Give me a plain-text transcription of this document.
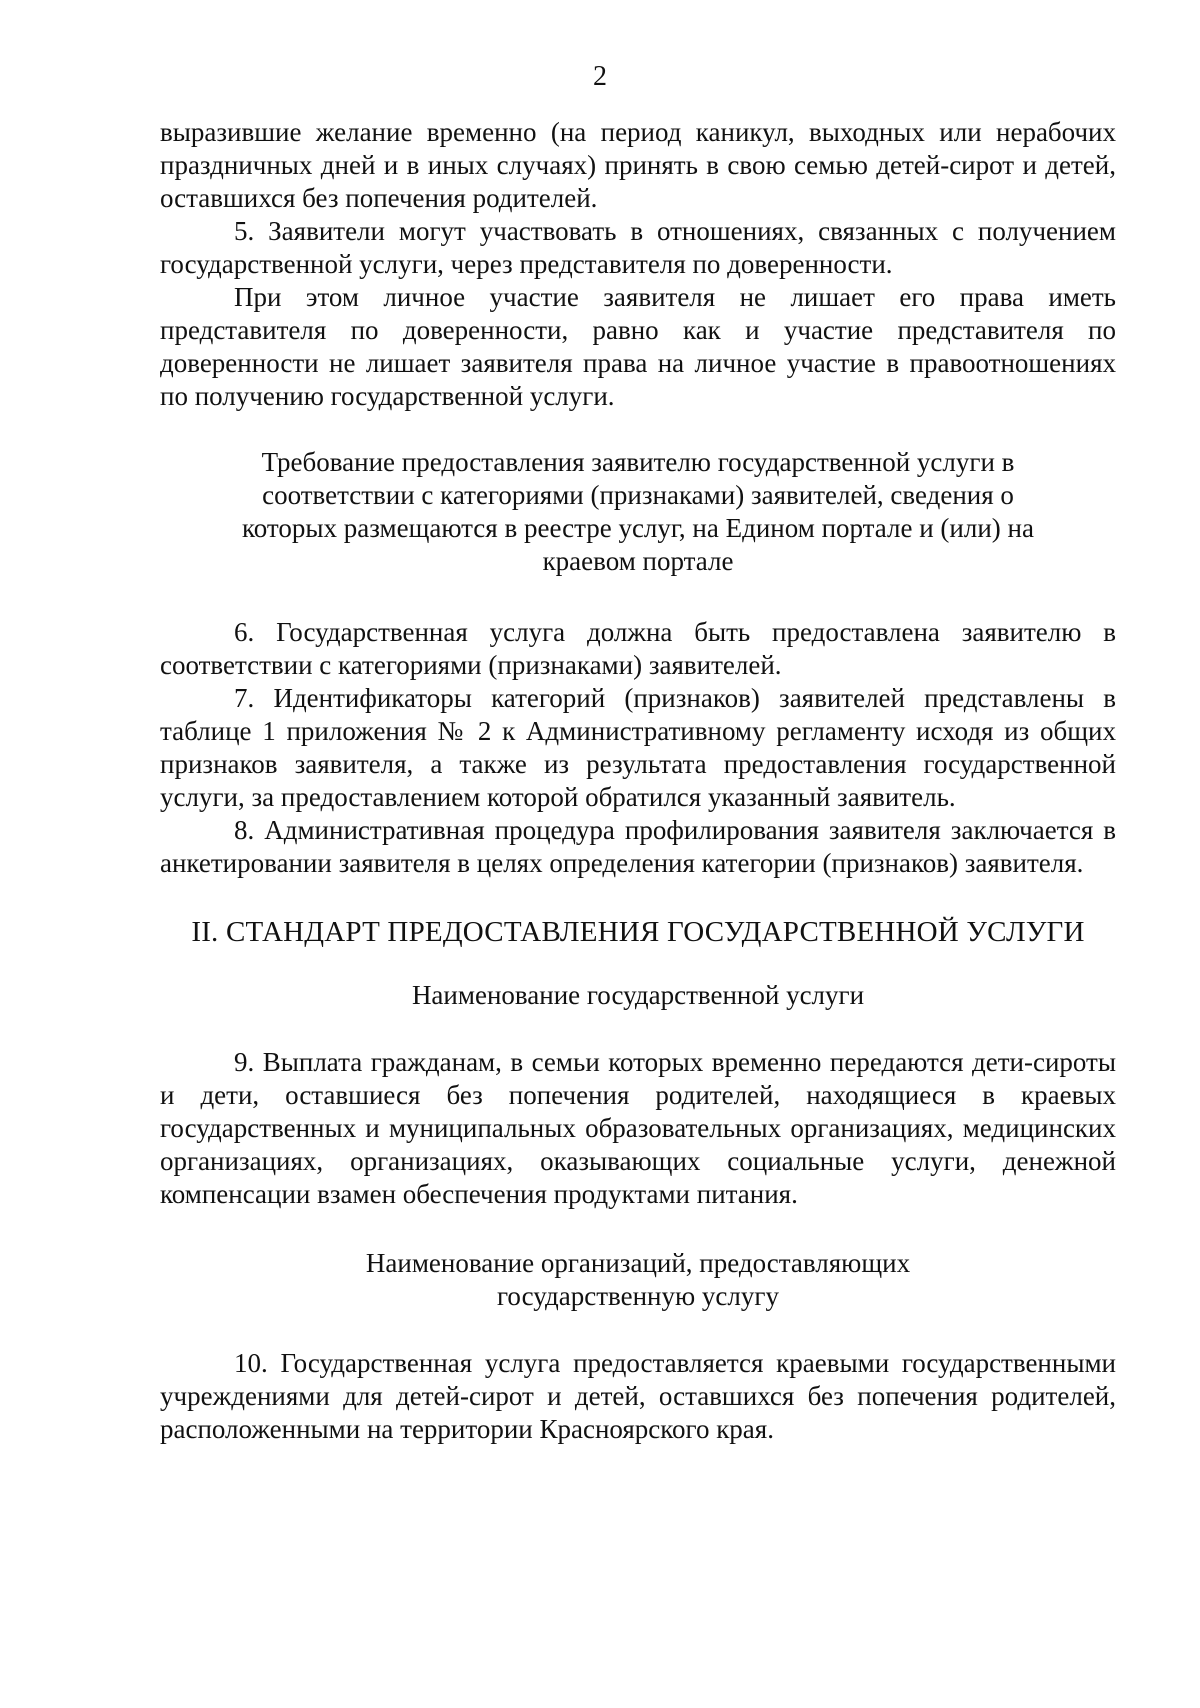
2

выразившие желание временно (на период каникул, выходных или нерабочих праздничных дней и в иных случаях) принять в свою семью детей-сирот и детей, оставшихся без попечения родителей.

5. Заявители могут участвовать в отношениях, связанных с получением государственной услуги, через представителя по доверенности.

При этом личное участие заявителя не лишает его права иметь представителя по доверенности, равно как и участие представителя по доверенности не лишает заявителя права на личное участие в правоотношениях по получению государственной услуги.

Требование предоставления заявителю государственной услуги в соответствии с категориями (признаками) заявителей, сведения о которых размещаются в реестре услуг, на Едином портале и (или) на краевом портале

6. Государственная услуга должна быть предоставлена заявителю в соответствии с категориями (признаками) заявителей.

7. Идентификаторы категорий (признаков) заявителей представлены в таблице 1 приложения № 2 к Административному регламенту исходя из общих признаков заявителя, а также из результата предоставления государственной услуги, за предоставлением которой обратился указанный заявитель.

8. Административная процедура профилирования заявителя заключается в анкетировании заявителя в целях определения категории (признаков) заявителя.

II. СТАНДАРТ ПРЕДОСТАВЛЕНИЯ ГОСУДАРСТВЕННОЙ УСЛУГИ
Наименование государственной услуги

9. Выплата гражданам, в семьи которых временно передаются дети-сироты и дети, оставшиеся без попечения родителей, находящиеся в краевых государственных и муниципальных образовательных организациях, медицинских организациях, организациях, оказывающих социальные услуги, денежной компенсации взамен обеспечения продуктами питания.

Наименование организаций, предоставляющих государственную услугу

10. Государственная услуга предоставляется краевыми государственными учреждениями для детей-сирот и детей, оставшихся без попечения родителей, расположенными на территории Красноярского края.
